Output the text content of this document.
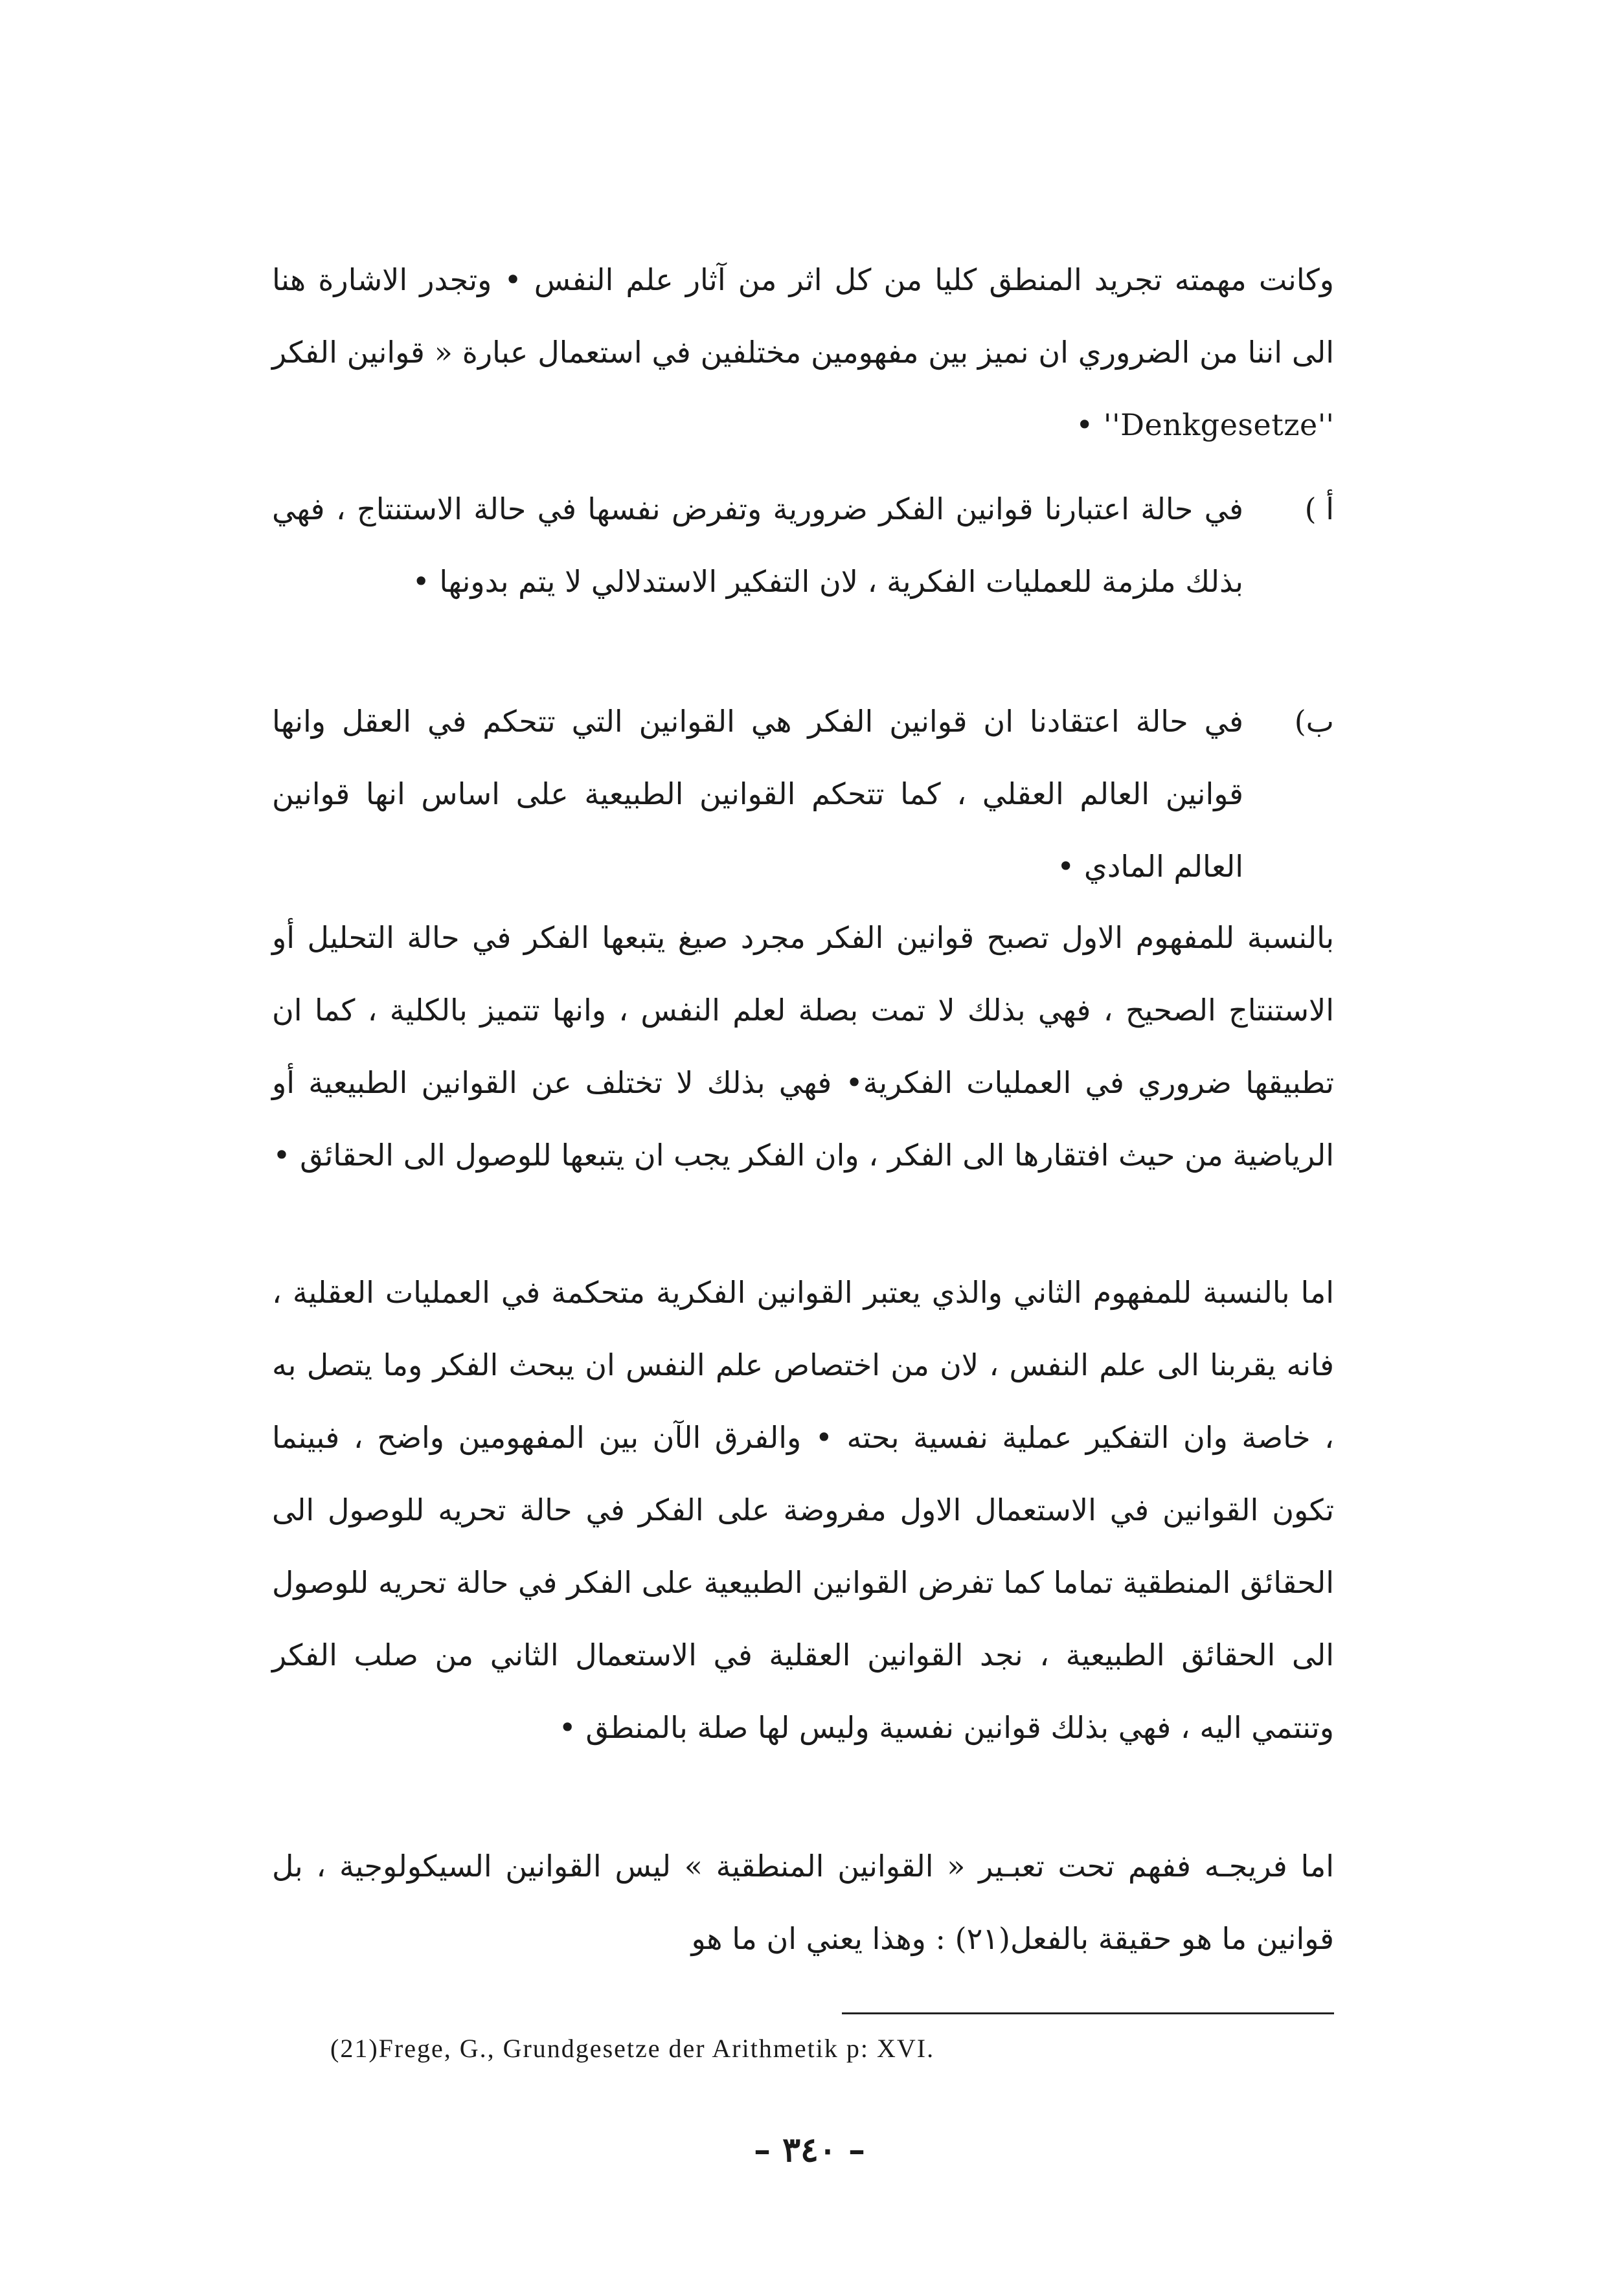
وكانت مهمته تجريد المنطق كليا من كل اثر من آثار علم النفس • وتجدر الاشارة هنا الى اننا من الضروري ان نميز بين مفهومين مختلفين في استعمال عبارة « قوانين الفكر ''Denkgesetze'' •

أ )
في حالة اعتبارنا قوانين الفكر ضرورية وتفرض نفسها في حالة الاستنتاج ، فهي بذلك ملزمة للعمليات الفكرية ، لان التفكير الاستدلالي لا يتم بدونها •
ب)
في حالة اعتقادنا ان قوانين الفكر هي القوانين التي تتحكم في العقل وانها قوانين العالم العقلي ، كما تتحكم القوانين الطبيعية على اساس انها قوانين العالم المادي •

بالنسبة للمفهوم الاول تصبح قوانين الفكر مجرد صيغ يتبعها الفكر في حالة التحليل أو الاستنتاج الصحيح ، فهي بذلك لا تمت بصلة لعلم النفس ، وانها تتميز بالكلية ، كما ان تطبيقها ضروري في العمليات الفكرية• فهي بذلك لا تختلف عن القوانين الطبيعية أو الرياضية من حيث افتقارها الى الفكر ، وان الفكر يجب ان يتبعها للوصول الى الحقائق •

اما بالنسبة للمفهوم الثاني والذي يعتبر القوانين الفكرية متحكمة في العمليات العقلية ، فانه يقربنا الى علم النفس ، لان من اختصاص علم النفس ان يبحث الفكر وما يتصل به ، خاصة وان التفكير عملية نفسية بحته • والفرق الآن بين المفهومين واضح ، فبينما تكون القوانين في الاستعمال الاول مفروضة على الفكر في حالة تحريه للوصول الى الحقائق المنطقية تماما كما تفرض القوانين الطبيعية على الفكر في حالة تحريه للوصول الى الحقائق الطبيعية ، نجد القوانين العقلية في الاستعمال الثاني من صلب الفكر وتنتمي اليه ، فهي بذلك قوانين نفسية وليس لها صلة بالمنطق •

اما فريجـه ففهم تحت تعبـير « القوانين المنطقية » ليس القوانين السيكولوجية ، بل قوانين ما هو حقيقة بالفعل(٢١) : وهذا يعني ان ما هو

(21)Frege, G., Grundgesetze der Arithmetik p: XVI.
– ٣٤٠ –
